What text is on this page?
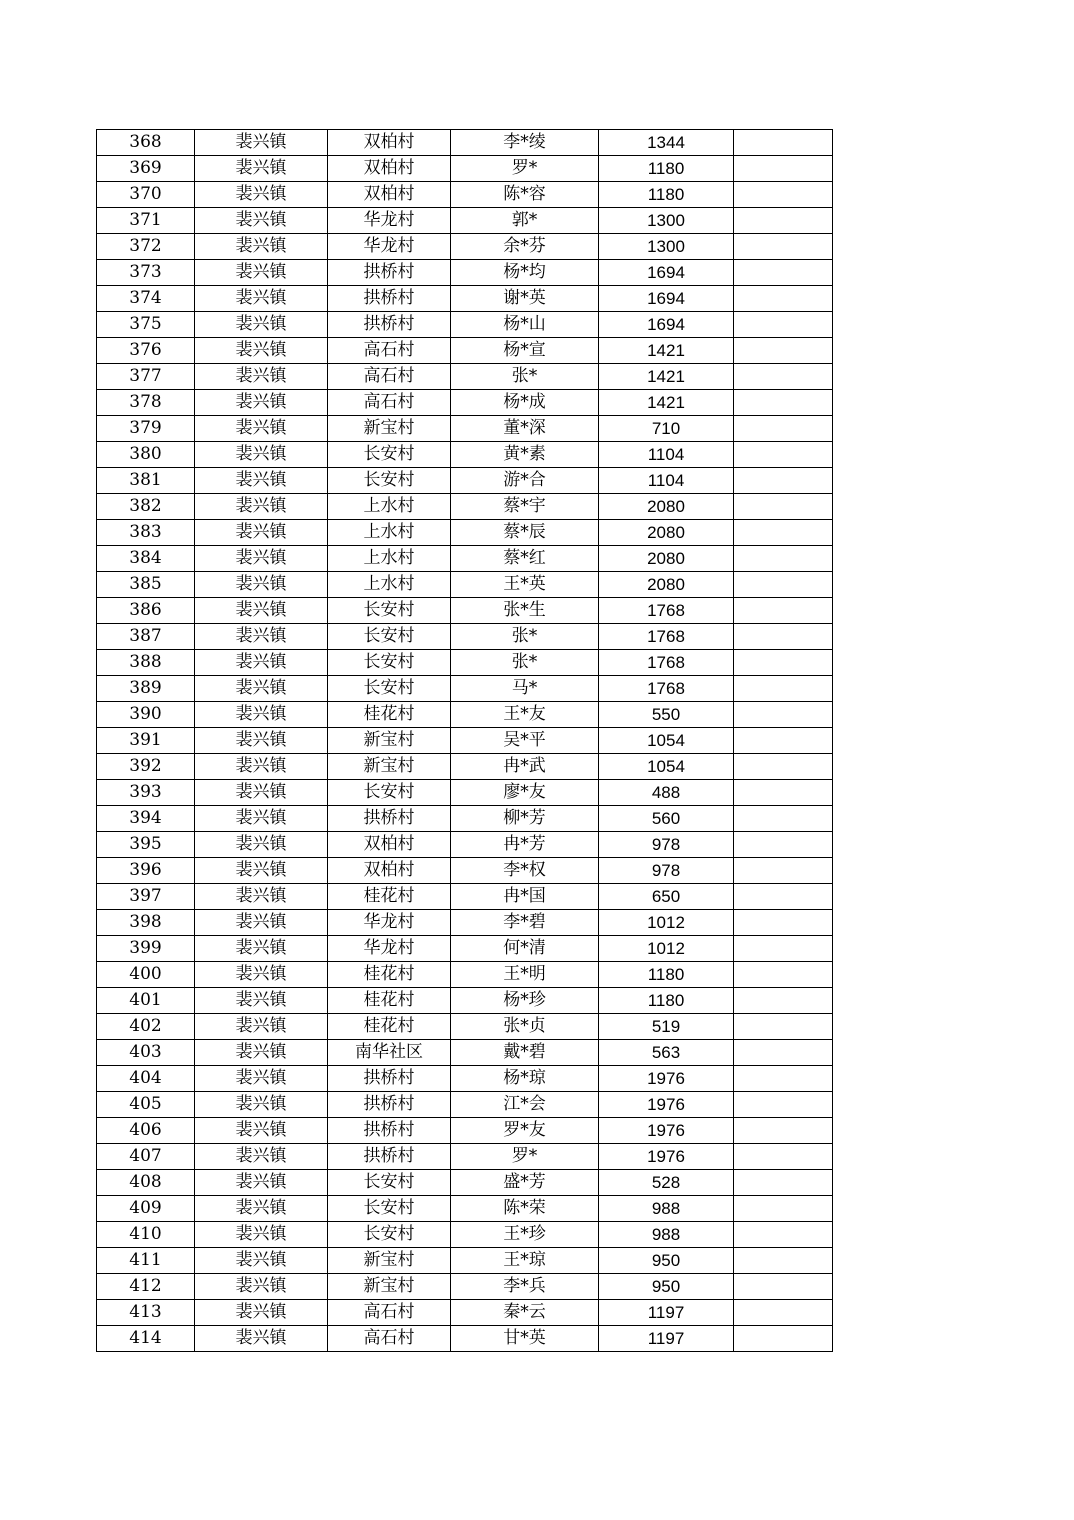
368	裴兴镇	双柏村	李*绫	1344	
369	裴兴镇	双柏村	罗*	1180	
370	裴兴镇	双柏村	陈*容	1180	
371	裴兴镇	华龙村	郭*	1300	
372	裴兴镇	华龙村	余*芬	1300	
373	裴兴镇	拱桥村	杨*均	1694	
374	裴兴镇	拱桥村	谢*英	1694	
375	裴兴镇	拱桥村	杨*山	1694	
376	裴兴镇	高石村	杨*宣	1421	
377	裴兴镇	高石村	张*	1421	
378	裴兴镇	高石村	杨*成	1421	
379	裴兴镇	新宝村	董*深	710	
380	裴兴镇	长安村	黄*素	1104	
381	裴兴镇	长安村	游*合	1104	
382	裴兴镇	上水村	蔡*宇	2080	
383	裴兴镇	上水村	蔡*辰	2080	
384	裴兴镇	上水村	蔡*红	2080	
385	裴兴镇	上水村	王*英	2080	
386	裴兴镇	长安村	张*生	1768	
387	裴兴镇	长安村	张*	1768	
388	裴兴镇	长安村	张*	1768	
389	裴兴镇	长安村	马*	1768	
390	裴兴镇	桂花村	王*友	550	
391	裴兴镇	新宝村	吴*平	1054	
392	裴兴镇	新宝村	冉*武	1054	
393	裴兴镇	长安村	廖*友	488	
394	裴兴镇	拱桥村	柳*芳	560	
395	裴兴镇	双柏村	冉*芳	978	
396	裴兴镇	双柏村	李*权	978	
397	裴兴镇	桂花村	冉*国	650	
398	裴兴镇	华龙村	李*碧	1012	
399	裴兴镇	华龙村	何*清	1012	
400	裴兴镇	桂花村	王*明	1180	
401	裴兴镇	桂花村	杨*珍	1180	
402	裴兴镇	桂花村	张*贞	519	
403	裴兴镇	南华社区	戴*碧	563	
404	裴兴镇	拱桥村	杨*琼	1976	
405	裴兴镇	拱桥村	江*会	1976	
406	裴兴镇	拱桥村	罗*友	1976	
407	裴兴镇	拱桥村	罗*	1976	
408	裴兴镇	长安村	盛*芳	528	
409	裴兴镇	长安村	陈*荣	988	
410	裴兴镇	长安村	王*珍	988	
411	裴兴镇	新宝村	王*琼	950	
412	裴兴镇	新宝村	李*兵	950	
413	裴兴镇	高石村	秦*云	1197	
414	裴兴镇	高石村	甘*英	1197	
